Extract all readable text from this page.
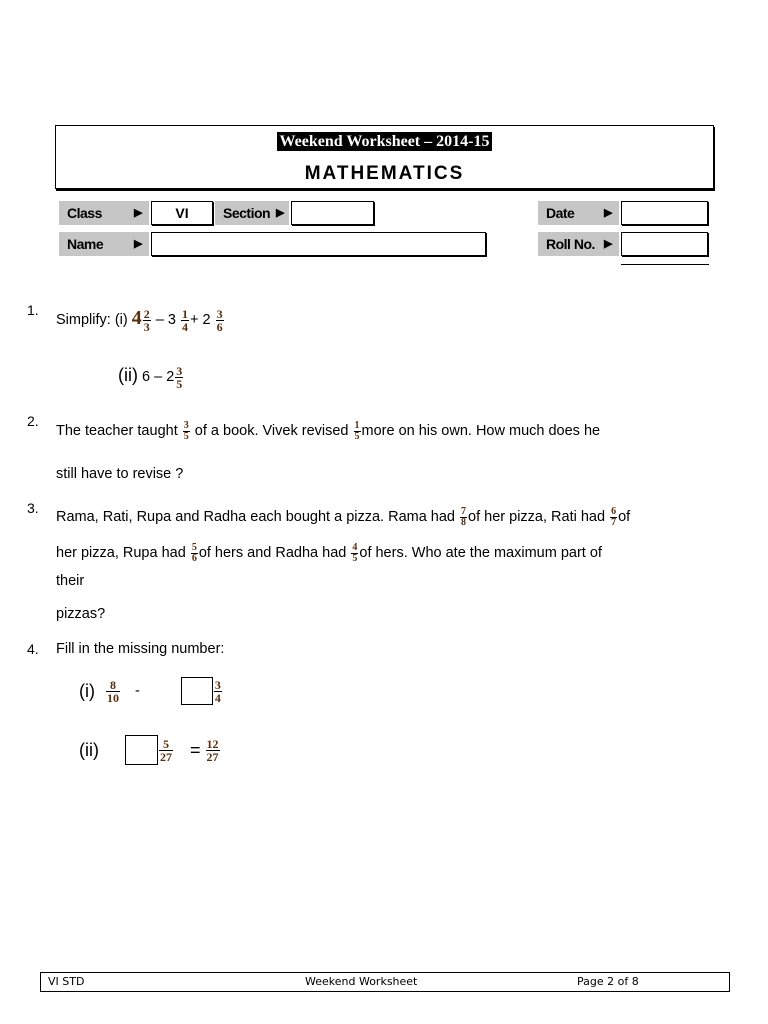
Weekend Worksheet – 2014-15
MATHEMATICS
Class	▶	VI	Section ▶	Date	▶
Name	▶	Roll No. ▶
1.
Simplify: (i) $4 \frac{2}{3} - 3 \frac{1}{4} + 2 \frac{3}{6}$
(ii) $6 - 2 \frac{3}{5}$
2.
The teacher taught $\frac{3}{5}$ of a book. Vivek revised $\frac{1}{5}$ more on his own. How much does he
still have to revise ?
3.
Rama, Rati, Rupa and Radha each bought a pizza. Rama had $\frac{7}{8}$ of her pizza, Rati had $\frac{6}{7}$ of
her pizza, Rupa had $\frac{5}{6}$ of hers and Radha had $\frac{4}{5}$ of hers. Who ate the maximum part of
their
pizzas?
4. Fill in the missing number:
$(i) \frac{8}{10}$ -	$\frac{3}{4}$
(ii)	$\frac{5}{27} = \frac{12}{27}$
VI STD	Weekend Worksheet	Page 2 of 8
